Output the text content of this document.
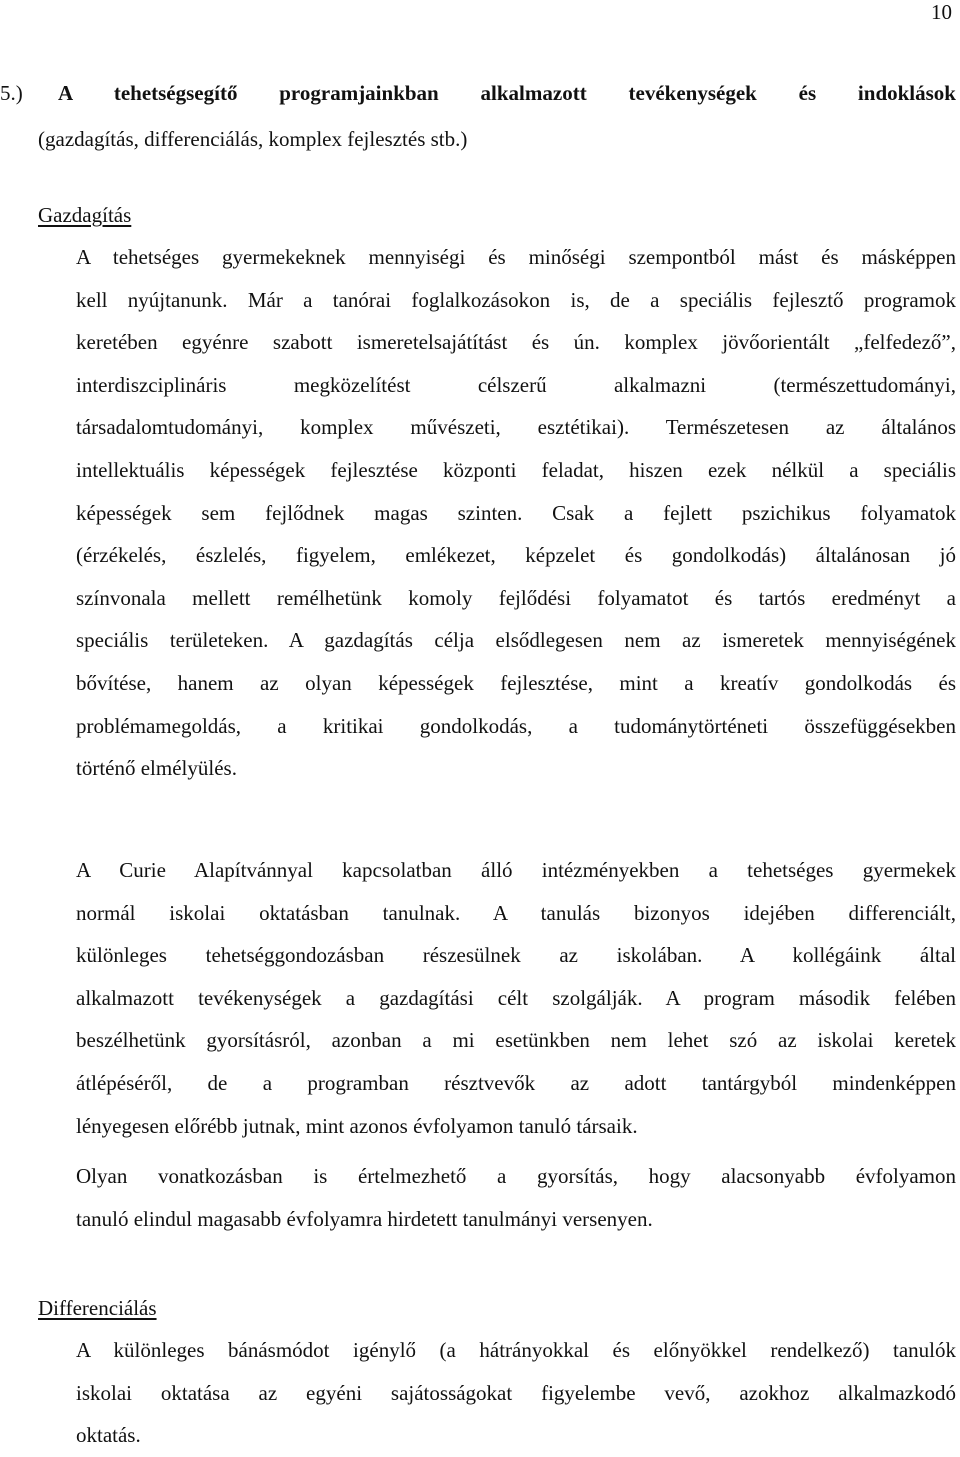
10
5.) A tehetségsegítő programjainkban alkalmazott tevékenységek és indoklások
(gazdagítás, differenciálás, komplex fejlesztés stb.)
Gazdagítás
A tehetséges gyermekeknek mennyiségi és minőségi szempontból mást és másképpen
kell nyújtanunk. Már a tanórai foglalkozásokon is, de a speciális fejlesztő programok
keretében egyénre szabott ismeretelsajátítást és ún. komplex jövőorientált „felfedező”,
interdiszciplináris megközelítést célszerű alkalmazni (természettudományi,
társadalomtudományi, komplex művészeti, esztétikai). Természetesen az általános
intellektuális képességek fejlesztése központi feladat, hiszen ezek nélkül a speciális
képességek sem fejlődnek magas szinten. Csak a fejlett pszichikus folyamatok
(érzékelés, észlelés, figyelem, emlékezet, képzelet és gondolkodás) általánosan jó
színvonala mellett remélhetünk komoly fejlődési folyamatot és tartós eredményt a
speciális területeken. A gazdagítás célja elsődlegesen nem az ismeretek mennyiségének
bővítése, hanem az olyan képességek fejlesztése, mint a kreatív gondolkodás és
problémamegoldás, a kritikai gondolkodás, a tudománytörténeti összefüggésekben
történő elmélyülés.
A Curie Alapítvánnyal kapcsolatban álló intézményekben a tehetséges gyermekek
normál iskolai oktatásban tanulnak. A tanulás bizonyos idejében differenciált,
különleges tehetséggondozásban részesülnek az iskolában. A kollégáink által
alkalmazott tevékenységek a gazdagítási célt szolgálják. A program második felében
beszélhetünk gyorsításról, azonban a mi esetünkben nem lehet szó az iskolai keretek
átlépéséről, de a programban résztvevők az adott tantárgyból mindenképpen
lényegesen előrébb jutnak, mint azonos évfolyamon tanuló társaik.
Olyan vonatkozásban is értelmezhető a gyorsítás, hogy alacsonyabb évfolyamon
tanuló elindul magasabb évfolyamra hirdetett tanulmányi versenyen.
Differenciálás
A különleges bánásmódot igénylő (a hátrányokkal és előnyökkel rendelkező) tanulók
iskolai oktatása az egyéni sajátosságokat figyelembe vevő, azokhoz alkalmazkodó
oktatás.
